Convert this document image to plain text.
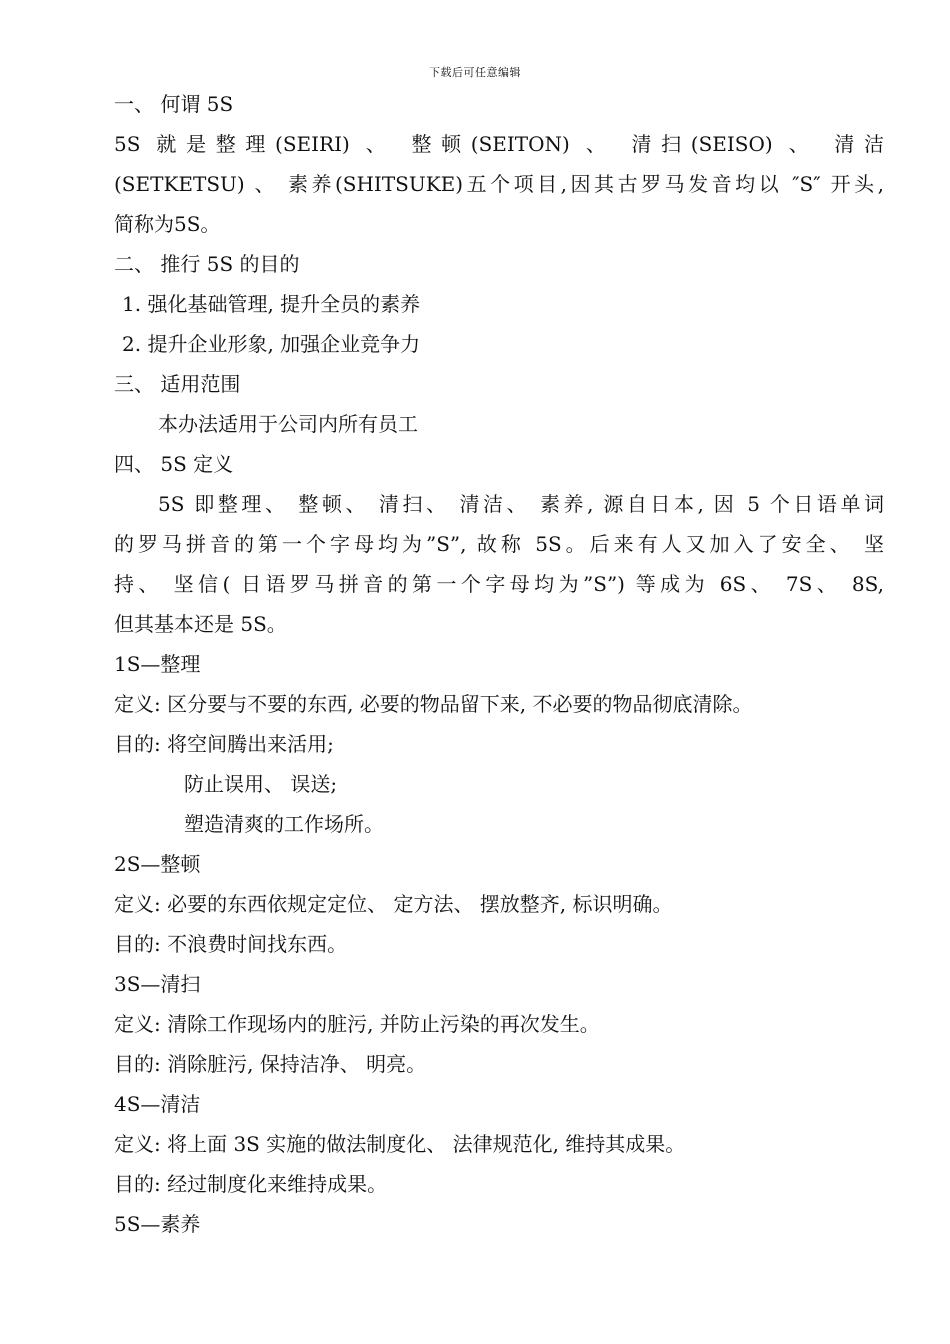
下载后可任意编辑
一、 何谓 5S
5S 就是整理(SEIRI) 、 整顿(SEITON) 、 清扫(SEISO) 、 清洁
(SETKETSU) 、 素养(SHITSUKE)五个项目,因其古罗马发音均以 ″S″ 开头,
简称为5S。
二、 推行 5S 的目的
1. 强化基础管理, 提升全员的素养
2. 提升企业形象, 加强企业竞争力
三、 适用范围
本办法适用于公司内所有员工
四、 5S 定义
5S 即整理、 整顿、 清扫、 清洁、 素养, 源自日本, 因 5 个日语单词
的罗马拼音的第一个字母均为”S”, 故称 5S。后来有人又加入了安全、 坚
持、 坚信( 日语罗马拼音的第一个字母均为”S”) 等成为 6S、 7S、 8S,
但其基本还是 5S。
1S—整理
定义: 区分要与不要的东西, 必要的物品留下来, 不必要的物品彻底清除。
目的: 将空间腾出来活用;
防止误用、 误送;
塑造清爽的工作场所。
2S—整顿
定义: 必要的东西依规定定位、 定方法、 摆放整齐, 标识明确。
目的: 不浪费时间找东西。
3S—清扫
定义: 清除工作现场内的脏污, 并防止污染的再次发生。
目的: 消除脏污, 保持洁净、 明亮。
4S—清洁
定义: 将上面 3S 实施的做法制度化、 法律规范化, 维持其成果。
目的: 经过制度化来维持成果。
5S—素养
